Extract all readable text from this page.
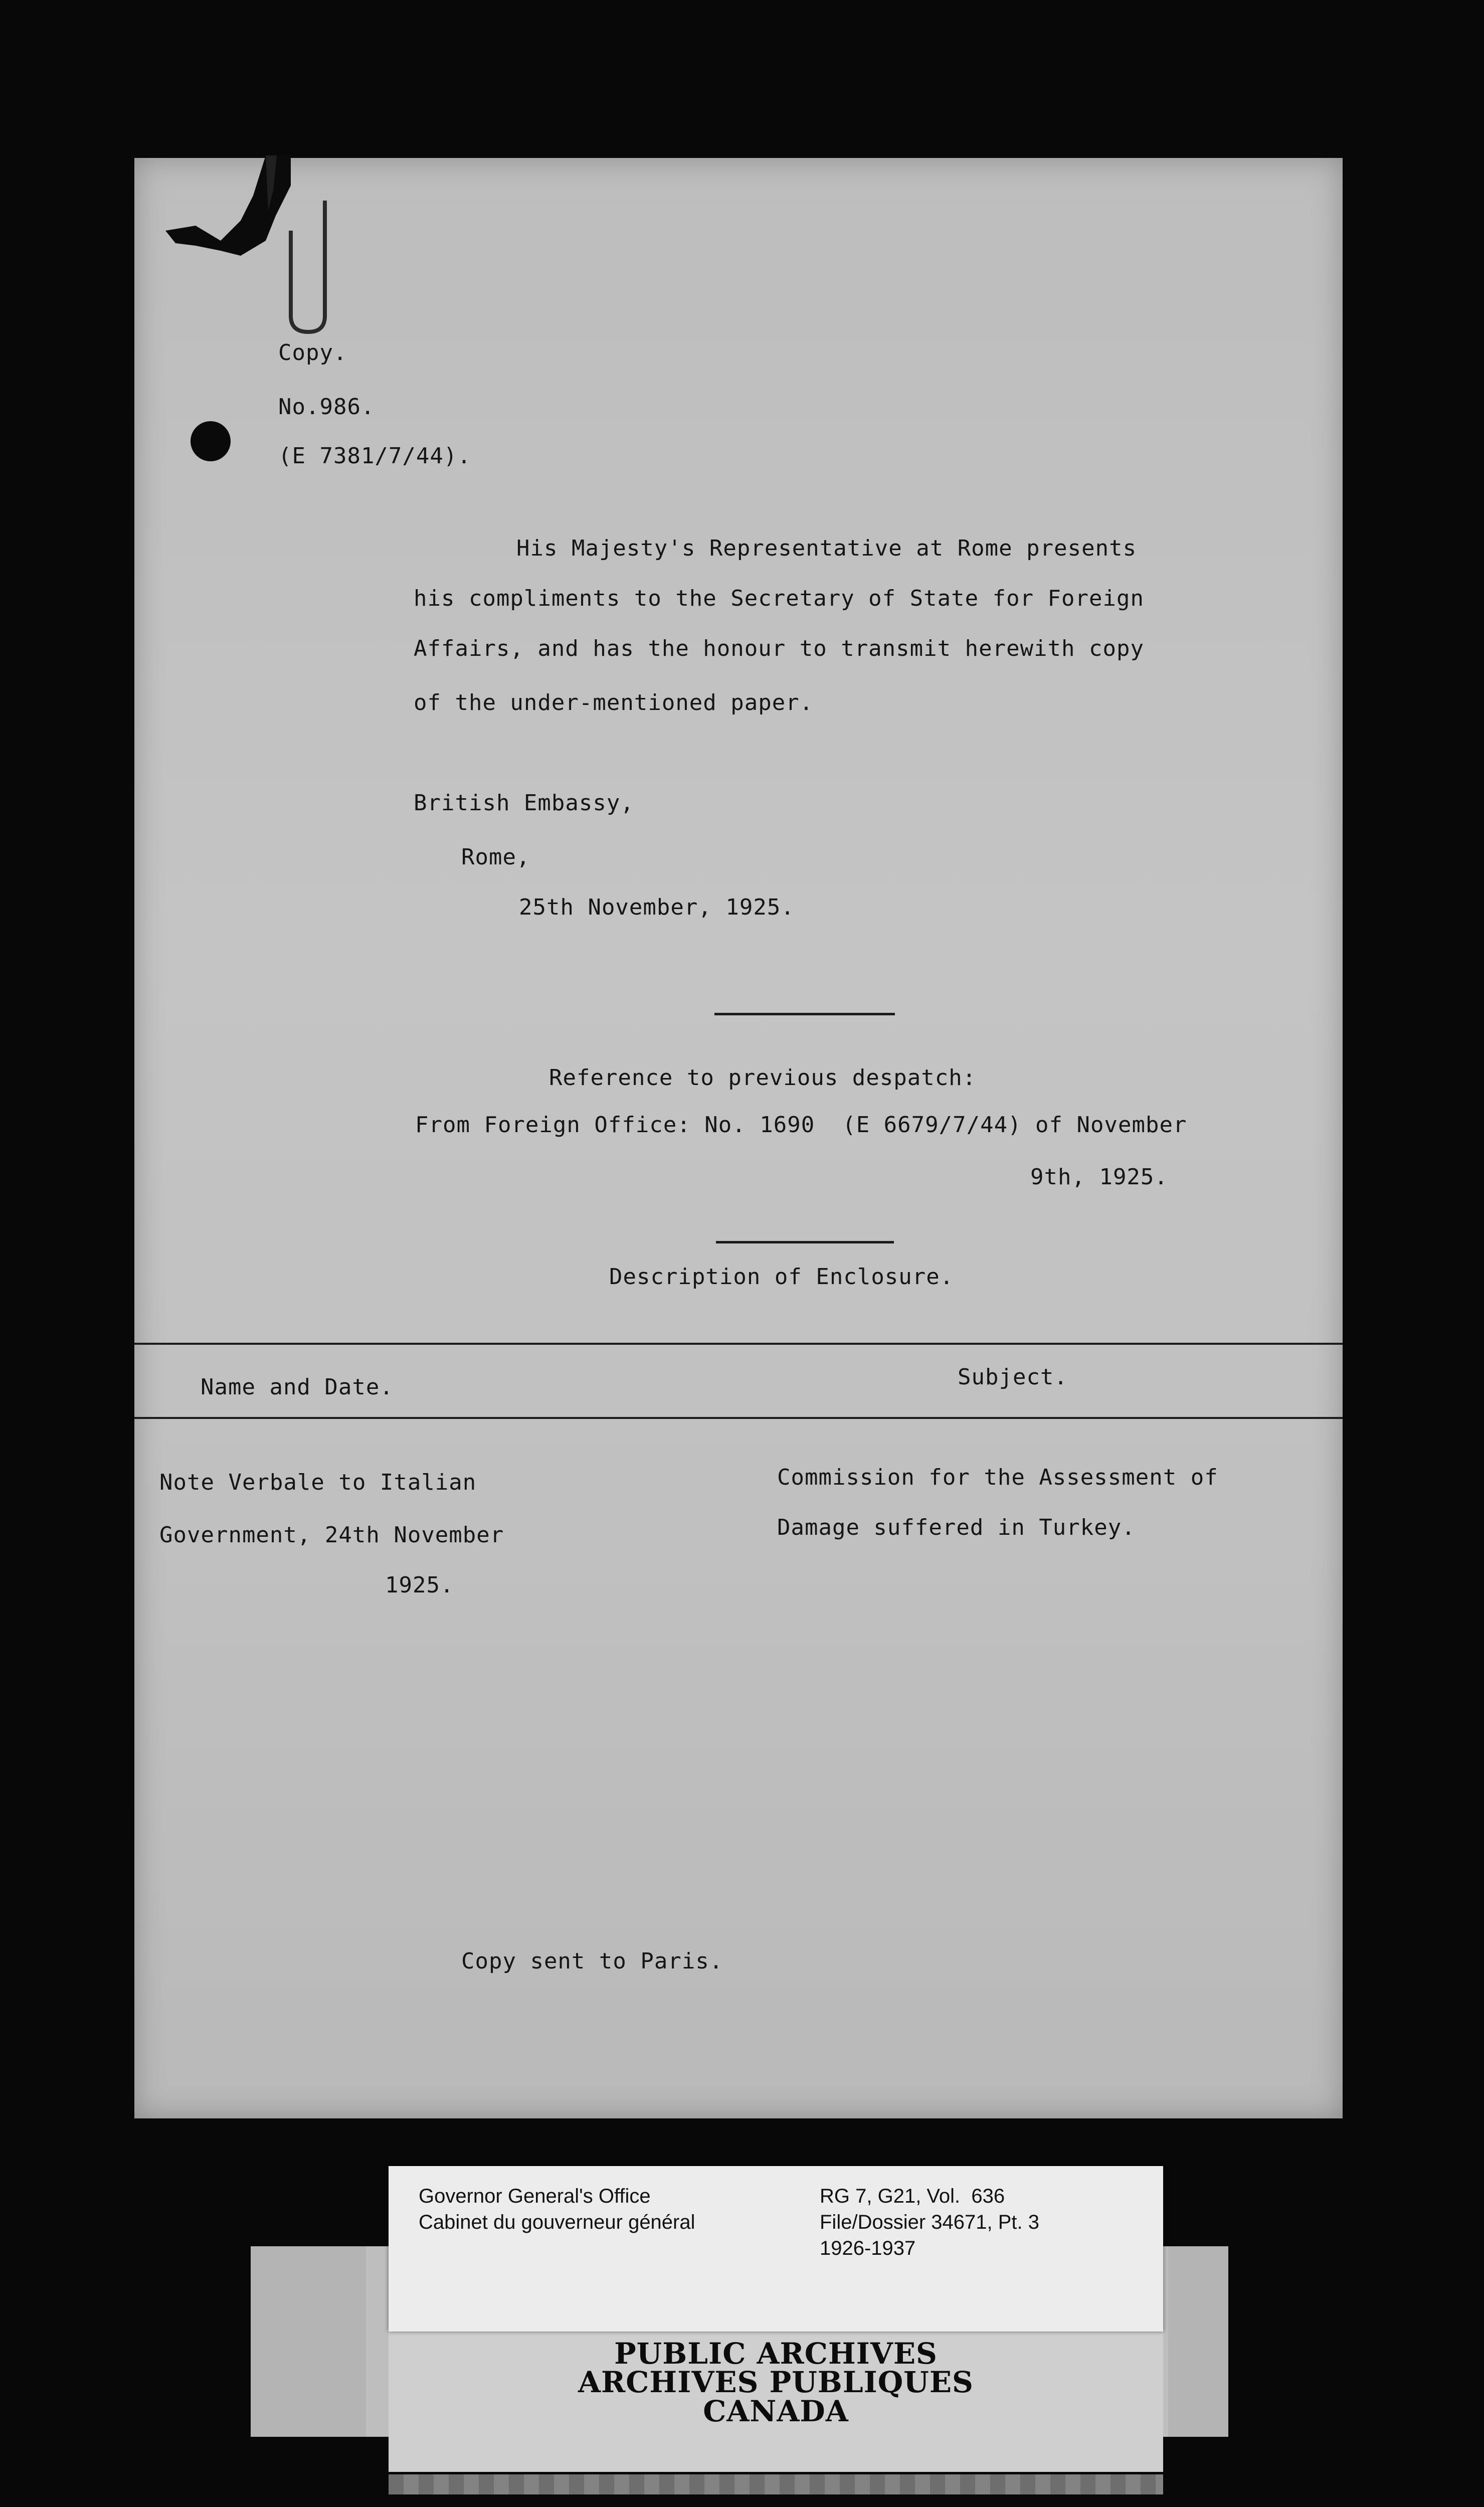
Copy.
No.986.
(E 7381/7/44).
His Majesty's Representative at Rome presents
his compliments to the Secretary of State for Foreign
Affairs, and has the honour to transmit herewith copy
of the under-mentioned paper.
British Embassy,
Rome,
25th November, 1925.
Reference to previous despatch:
From Foreign Office: No. 1690  (E 6679/7/44) of November
9th, 1925.
Description of Enclosure.
Name and Date.	Subject.
Note Verbale to Italian
Government, 24th November
1925.
Commission for the Assessment of
Damage suffered in Turkey.
Copy sent to Paris.
Governor General's Office
Cabinet du gouverneur général
RG 7, G21, Vol.  636
File/Dossier 34671, Pt. 3
1926-1937
PUBLIC ARCHIVES
ARCHIVES PUBLIQUES
CANADA
